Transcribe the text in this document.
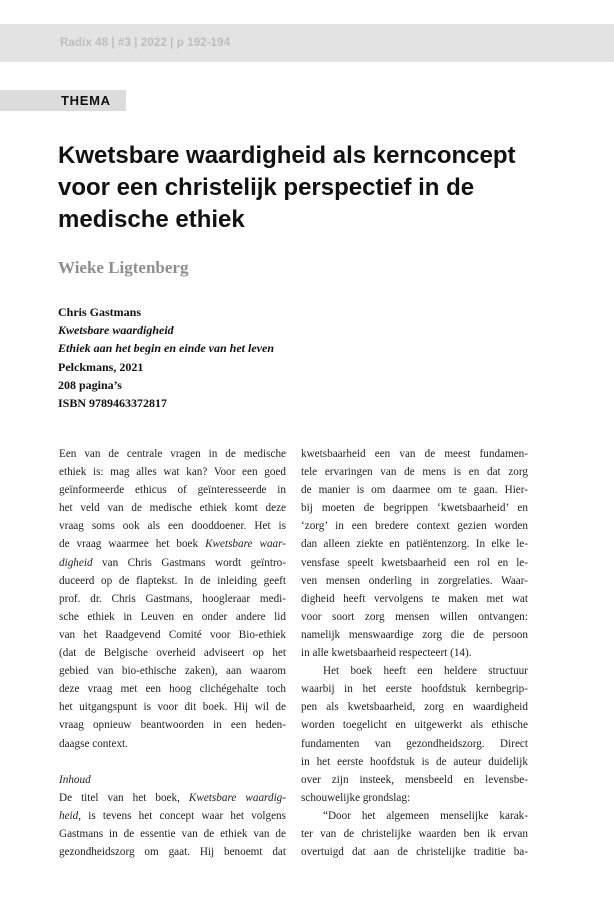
Radix 48 | #3 | 2022 | p 192-194
THEMA
Kwetsbare waardigheid als kernconcept
voor een christelijk perspectief in de
medische ethiek
Wieke Ligtenberg
Chris Gastmans
Kwetsbare waardigheid
Ethiek aan het begin en einde van het leven
Pelckmans, 2021
208 pagina’s
ISBN 9789463372817
Een van de centrale vragen in de medische
ethiek is: mag alles wat kan? Voor een goed
geïnformeerde ethicus of geïnteresseerde in
het veld van de medische ethiek komt deze
vraag soms ook als een dooddoener. Het is
de vraag waarmee het boek Kwetsbare waar-
digheid van Chris Gastmans wordt geïntro-
duceerd op de flaptekst. In de inleiding geeft
prof. dr. Chris Gastmans, hoogleraar medi-
sche ethiek in Leuven en onder andere lid
van het Raadgevend Comité voor Bio-ethiek
(dat de Belgische overheid adviseert op het
gebied van bio-ethische zaken), aan waarom
deze vraag met een hoog clichégehalte toch
het uitgangspunt is voor dit boek. Hij wil de
vraag opnieuw beantwoorden in een heden-
daagse context.
Inhoud
De titel van het boek, Kwetsbare waardig-
heid, is tevens het concept waar het volgens
Gastmans in de essentie van de ethiek van de
gezondheidszorg om gaat. Hij benoemt dat
kwetsbaarheid een van de meest fundamen-
tele ervaringen van de mens is en dat zorg
de manier is om daarmee om te gaan. Hier-
bij moeten de begrippen ‘kwetsbaarheid’ en
‘zorg’ in een bredere context gezien worden
dan alleen ziekte en patiëntenzorg. In elke le-
vensfase speelt kwetsbaarheid een rol en le-
ven mensen onderling in zorgrelaties. Waar-
digheid heeft vervolgens te maken met wat
voor soort zorg mensen willen ontvangen:
namelijk menswaardige zorg die de persoon
in alle kwetsbaarheid respecteert (14).
Het boek heeft een heldere structuur
waarbij in het eerste hoofdstuk kernbegrip-
pen als kwetsbaarheid, zorg en waardigheid
worden toegelicht en uitgewerkt als ethische
fundamenten van gezondheidszorg. Direct
in het eerste hoofdstuk is de auteur duidelijk
over zijn insteek, mensbeeld en levensbe-
schouwelijke grondslag:
“Door het algemeen menselijke karak-
ter van de christelijke waarden ben ik ervan
overtuigd dat aan de christelijke traditie ba-
